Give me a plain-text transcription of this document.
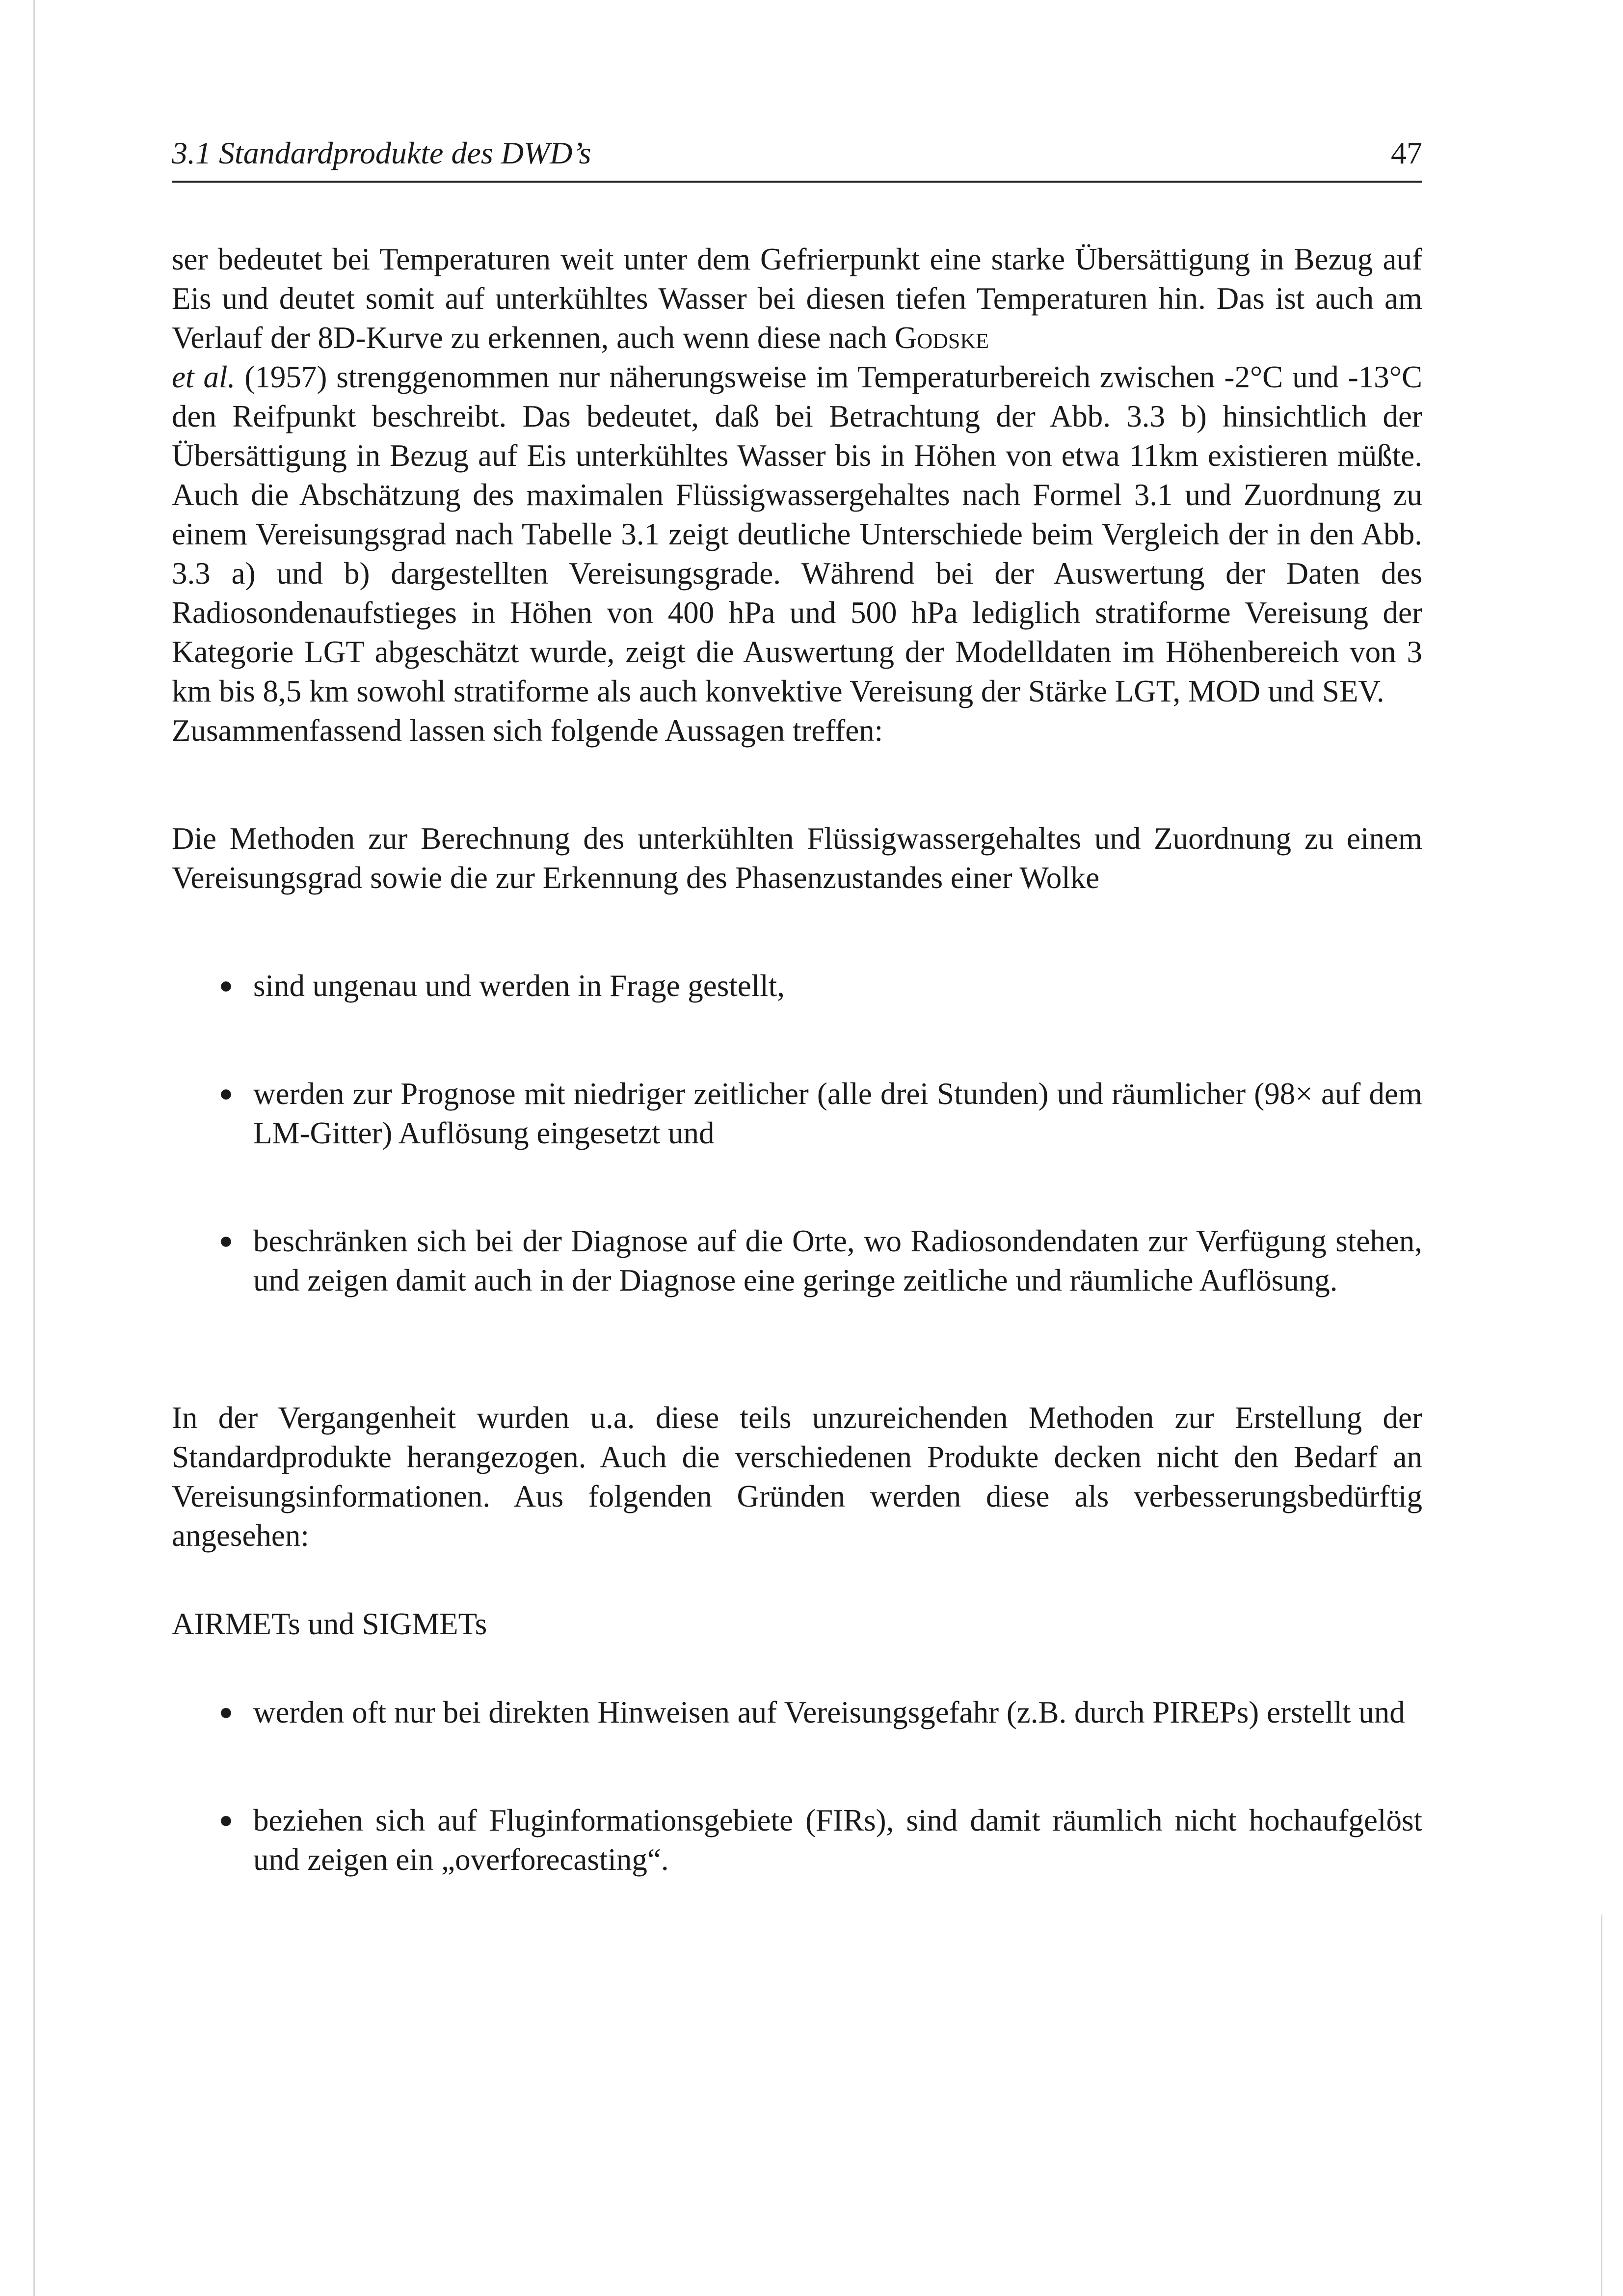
3.1 Standardprodukte des DWD’s	47

ser bedeutet bei Temperaturen weit unter dem Gefrierpunkt eine starke Übersättigung in Bezug auf Eis und deutet somit auf unterkühltes Wasser bei diesen tiefen Temperaturen hin. Das ist auch am Verlauf der 8D-Kurve zu erkennen, auch wenn diese nach Godske
et al. (1957) strenggenommen nur näherungsweise im Temperaturbereich zwischen -2°C und -13°C den Reifpunkt beschreibt. Das bedeutet, daß bei Betrachtung der Abb. 3.3 b) hinsichtlich der Übersättigung in Bezug auf Eis unterkühltes Wasser bis in Höhen von etwa 11km existieren müßte. Auch die Abschätzung des maximalen Flüssigwassergehaltes nach Formel 3.1 und Zuordnung zu einem Vereisungsgrad nach Tabelle 3.1 zeigt deutliche Unterschiede beim Vergleich der in den Abb. 3.3 a) und b) dargestellten Vereisungsgrade. Während bei der Auswertung der Daten des Radiosondenaufstieges in Höhen von 400 hPa und 500 hPa lediglich stratiforme Vereisung der Kategorie LGT abgeschätzt wurde, zeigt die Auswertung der Modelldaten im Höhenbereich von 3 km bis 8,5 km sowohl stratiforme als auch konvektive Vereisung der Stärke LGT, MOD und SEV.

Zusammenfassend lassen sich folgende Aussagen treffen:

Die Methoden zur Berechnung des unterkühlten Flüssigwassergehaltes und Zuordnung zu einem Vereisungsgrad sowie die zur Erkennung des Phasenzustandes einer Wolke

● sind ungenau und werden in Frage gestellt,
● werden zur Prognose mit niedriger zeitlicher (alle drei Stunden) und räumlicher (98× auf dem LM-Gitter) Auflösung eingesetzt und
● beschränken sich bei der Diagnose auf die Orte, wo Radiosondendaten zur Verfügung stehen, und zeigen damit auch in der Diagnose eine geringe zeitliche und räumliche Auflösung.

In der Vergangenheit wurden u.a. diese teils unzureichenden Methoden zur Erstellung der Standardprodukte herangezogen. Auch die verschiedenen Produkte decken nicht den Bedarf an Vereisungsinformationen. Aus folgenden Gründen werden diese als verbesserungsbedürftig angesehen:

AIRMETs und SIGMETs

● werden oft nur bei direkten Hinweisen auf Vereisungsgefahr (z.B. durch PIREPs) erstellt und
● beziehen sich auf Fluginformationsgebiete (FIRs), sind damit räumlich nicht hochaufgelöst und zeigen ein „overforecasting“.
